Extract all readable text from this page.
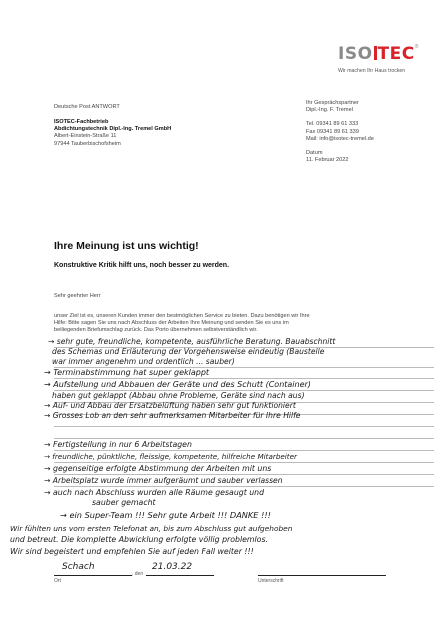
ISO TEC®
Wir machen Ihr Haus trocken
Deutsche Post ANTWORT
ISOTEC-Fachbetrieb
Abdichtungstechnik Dipl.-Ing. Tremel GmbH
Albert-Einstein-Straße 11
97944 Tauberbischofsheim
Ihr Gesprächspartner
Dipl.-Ing. F. Tremel
Tel. 09341 89 61 333
Fax 09341 89 61 339
Mail: info@isotec-tremel.de
Datum
11. Februar 2022
Ihre Meinung ist uns wichtig!
Konstruktive Kritik hilft uns, noch besser zu werden.
Sehr geehrter Herr
unser Ziel ist es, unseren Kunden immer den bestmöglichen Service zu bieten. Dazu benötigen wir Ihre
Hilfe: Bitte sagen Sie uns nach Abschluss der Arbeiten Ihre Meinung und senden Sie es uns im
beiliegenden Briefumschlag zurück. Das Porto übernehmen selbstverständlich wir.
→ sehr gute, freundliche, kompetente, ausführliche Beratung. Bauabschnitt
des Schemas und Erläuterung der Vorgehensweise eindeutig (Baustelle
war immer angenehm und ordentlich ... sauber)
→ Terminabstimmung hat super geklappt
→ Aufstellung und Abbauen der Geräte und des Schutt (Container)
haben gut geklappt (Abbau ohne Probleme, Geräte sind nach aus)
→ Auf- und Abbau der Ersatzbelüftung haben sehr gut funktioniert
→ Grosses Lob an den sehr aufmerksamen Mitarbeiter für Ihre Hilfe
→ Fertigstellung in nur 6 Arbeitstagen
→ freundliche, pünktliche, fleissige, kompetente, hilfreiche Mitarbeiter
→ gegenseitige erfolgte Abstimmung der Arbeiten mit uns
→ Arbeitsplatz wurde immer aufgeräumt und sauber verlassen
→ auch nach Abschluss wurden alle Räume gesaugt und
sauber gemacht
→ ein Super-Team !!! Sehr gute Arbeit !!! DANKE !!!
Wir fühlten uns vom ersten Telefonat an, bis zum Abschluss gut aufgehoben
und betreut. Die komplette Abwicklung erfolgte völlig problemlos.
Wir sind begeistert und empfehlen Sie auf jeden Fall weiter !!!
Schach	21.03.22
, den
Ort	Unterschrift
